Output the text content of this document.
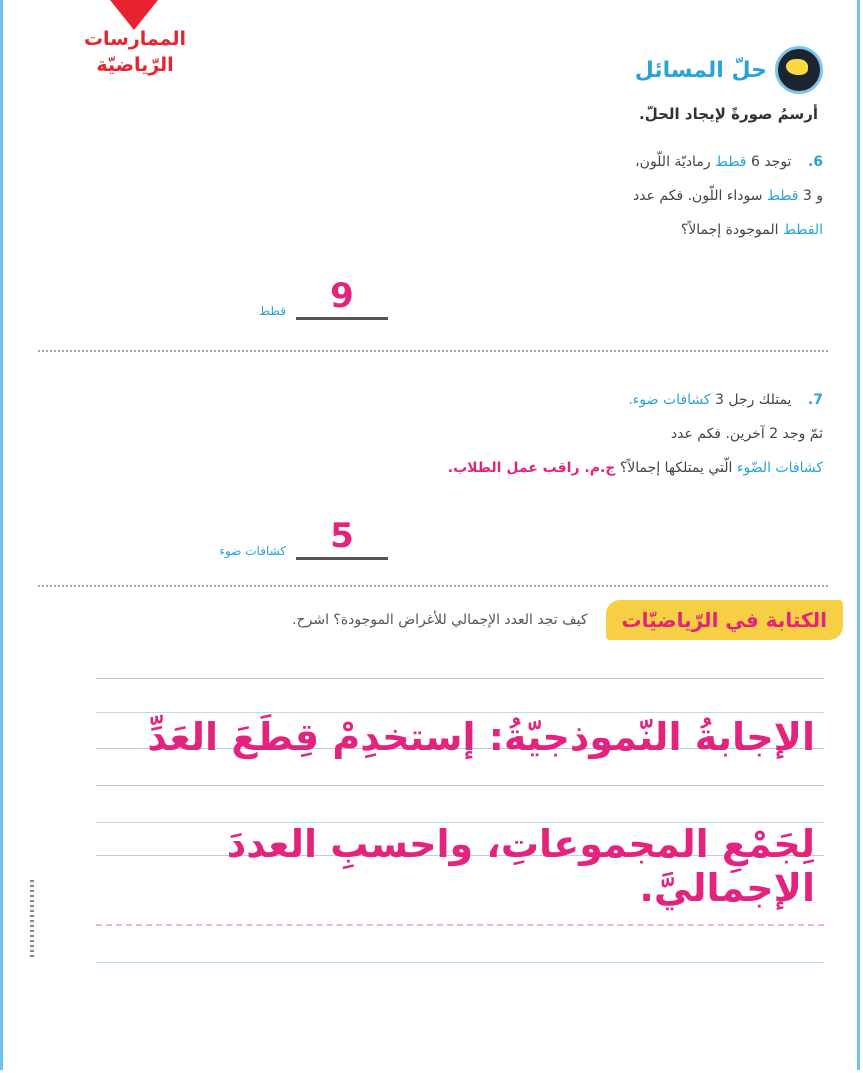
الممارسات
الرّياضيّة	حلّ المسائل
أرسمُ صورةً لإيجاد الحلّ.
6. توجد 6 قطط رماديّة اللّون،
و 3 قطط سوداء اللّون. فكم عدد
القطط الموجودة إجمالاً؟
9
قطط
7. يمتلك رجل 3 كشافات ضوء.
ثمّ وجد 2 آخرين. فكم عدد
كشافات الضّوء الّتي يمتلكها إجمالاً؟ ج.م. راقب عمل الطلاب.
5
كشافات ضوء
الكتابة في الرّياضيّات
كيف تجد العدد الإجمالي للأغراض الموجودة؟ اشرح.
الإجابةُ النّموذجيّةُ: إستخدِمْ قِطَعَ العَدِّ
لِجَمْعِ المجموعاتِ، واحسبِ العددَ الإجماليَّ.
